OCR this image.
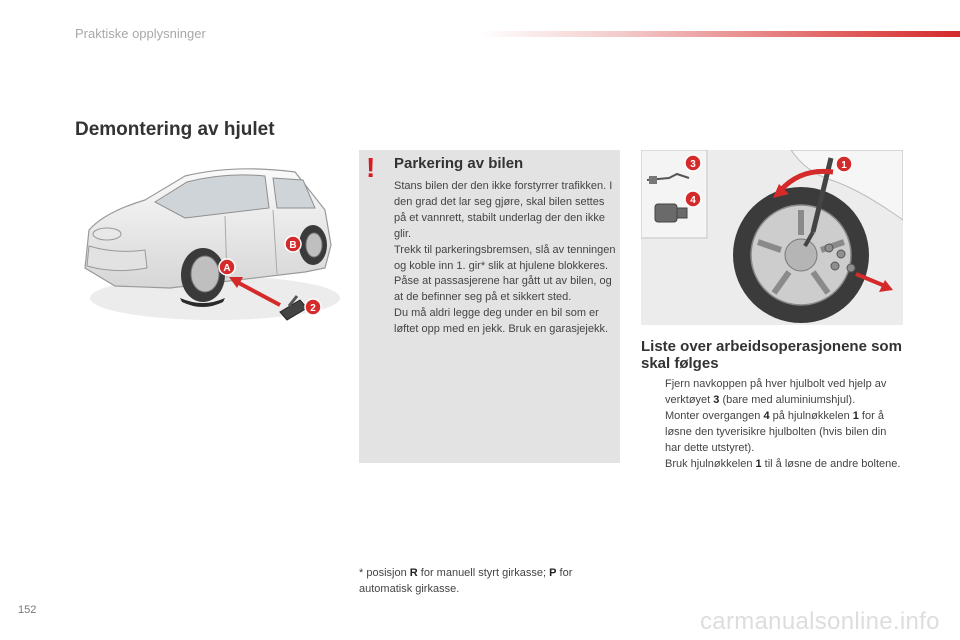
Praktiske opplysninger
Demontering av hjulet
A
B
2
! Parkering av bilen

Stans bilen der den ikke forstyrrer trafikken. I den grad det lar seg gjøre, skal bilen settes på et vannrett, stabilt underlag der den ikke glir.

Trekk til parkeringsbremsen, slå av tenningen og koble inn 1. gir* slik at hjulene blokkeres.

Påse at passasjerene har gått ut av bilen, og at de befinner seg på et sikkert sted.

Du må aldri legge deg under en bil som er løftet opp med en jekk. Bruk en garasjejekk.

1
3
4
Liste over arbeidsoperasjonene som skal følges
Fjern navkoppen på hver hjulbolt ved hjelp av verktøyet 3 (bare med aluminiumshjul).
Monter overgangen 4 på hjulnøkkelen 1 for å løsne den tyverisikre hjulbolten (hvis bilen din har dette utstyret).
Bruk hjulnøkkelen 1 til å løsne de andre boltene.
* posisjon R for manuell styrt girkasse; P for automatisk girkasse.
152	carmanualsonline.info
